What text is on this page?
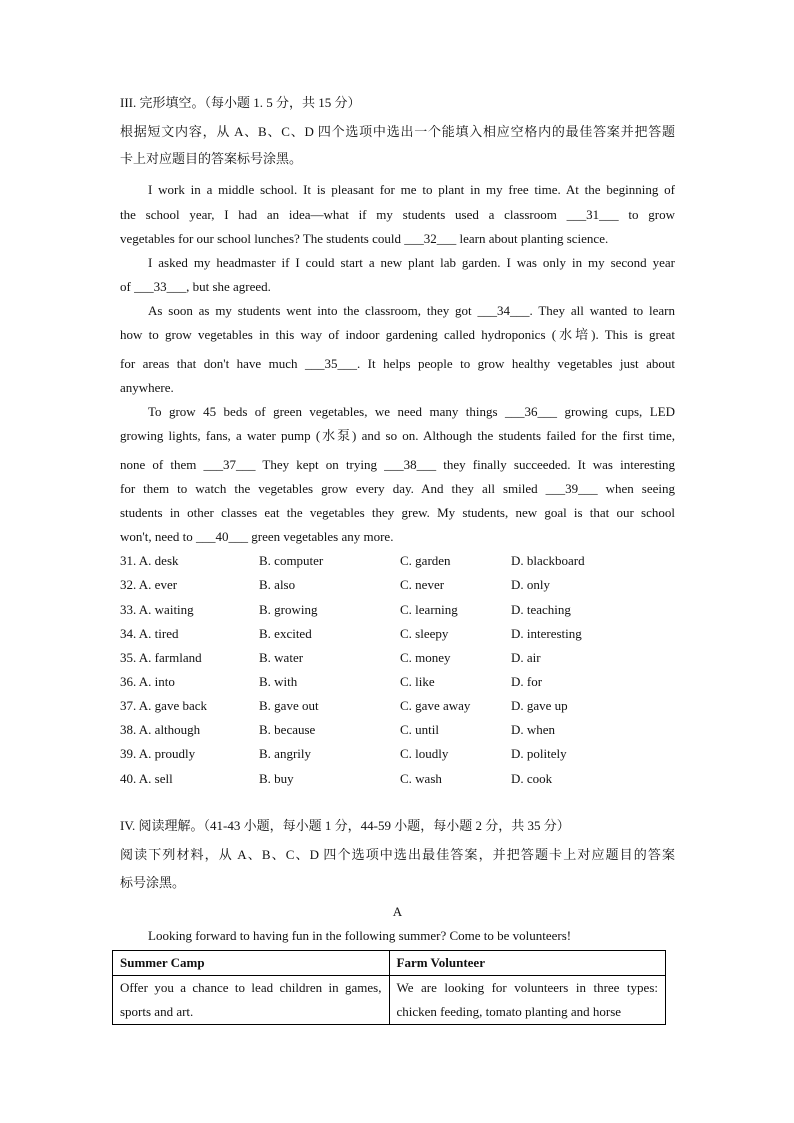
III. 完形填空。（每小题 1. 5 分，共 15 分）
根据短文内容，从 A、B、C、D 四个选项中选出一个能填入相应空格内的最佳答案并把答题
卡上对应题目的答案标号涂黑。
I work in a middle school. It is pleasant for me to plant in my free time. At the beginning of
the school year, I had an idea—what if my students used a classroom ___31___ to grow
vegetables for our school lunches? The students could ___32___ learn about planting science.
I asked my headmaster if I could start a new plant lab garden. I was only in my second year
of ___33___, but she agreed.
As soon as my students went into the classroom, they got ___34___. They all wanted to learn
how to grow vegetables in this way of indoor gardening called hydroponics (水培). This is great
for areas that don't have much ___35___. It helps people to grow healthy vegetables just about
anywhere.
To grow 45 beds of green vegetables, we need many things ___36___ growing cups, LED
growing lights, fans, a water pump (水泵) and so on. Although the students failed for the first time,
none of them ___37___ They kept on trying ___38___ they finally succeeded. It was interesting
for them to watch the vegetables grow every day. And they all smiled ___39___ when seeing
students in other classes eat the vegetables they grew. My students, new goal is that our school
won't, need to ___40___ green vegetables any more.
31. A. desk	B. computer	C. garden	D. blackboard
32. A. ever	B. also	C. never	D. only
33. A. waiting	B. growing	C. learning	D. teaching
34. A. tired	B. excited	C. sleepy	D. interesting
35. A. farmland	B. water	C. money	D. air
36. A. into	B. with	C. like	D. for
37. A. gave back	B. gave out	C. gave away	D. gave up
38. A. although	B. because	C. until	D. when
39. A. proudly	B. angrily	C. loudly	D. politely
40. A. sell	B. buy	C. wash	D. cook
IV. 阅读理解。（41-43 小题，每小题 1 分，44-59 小题，每小题 2 分，共 35 分）
阅读下列材料，从 A、B、C、D 四个选项中选出最佳答案，并把答题卡上对应题目的答案
标号涂黑。
A
Looking forward to having fun in the following summer? Come to be volunteers!
Summer Camp	Farm Volunteer
Offer you a chance to lead children in games, sports and art.	We are looking for volunteers in three types: chicken feeding, tomato planting and horse
